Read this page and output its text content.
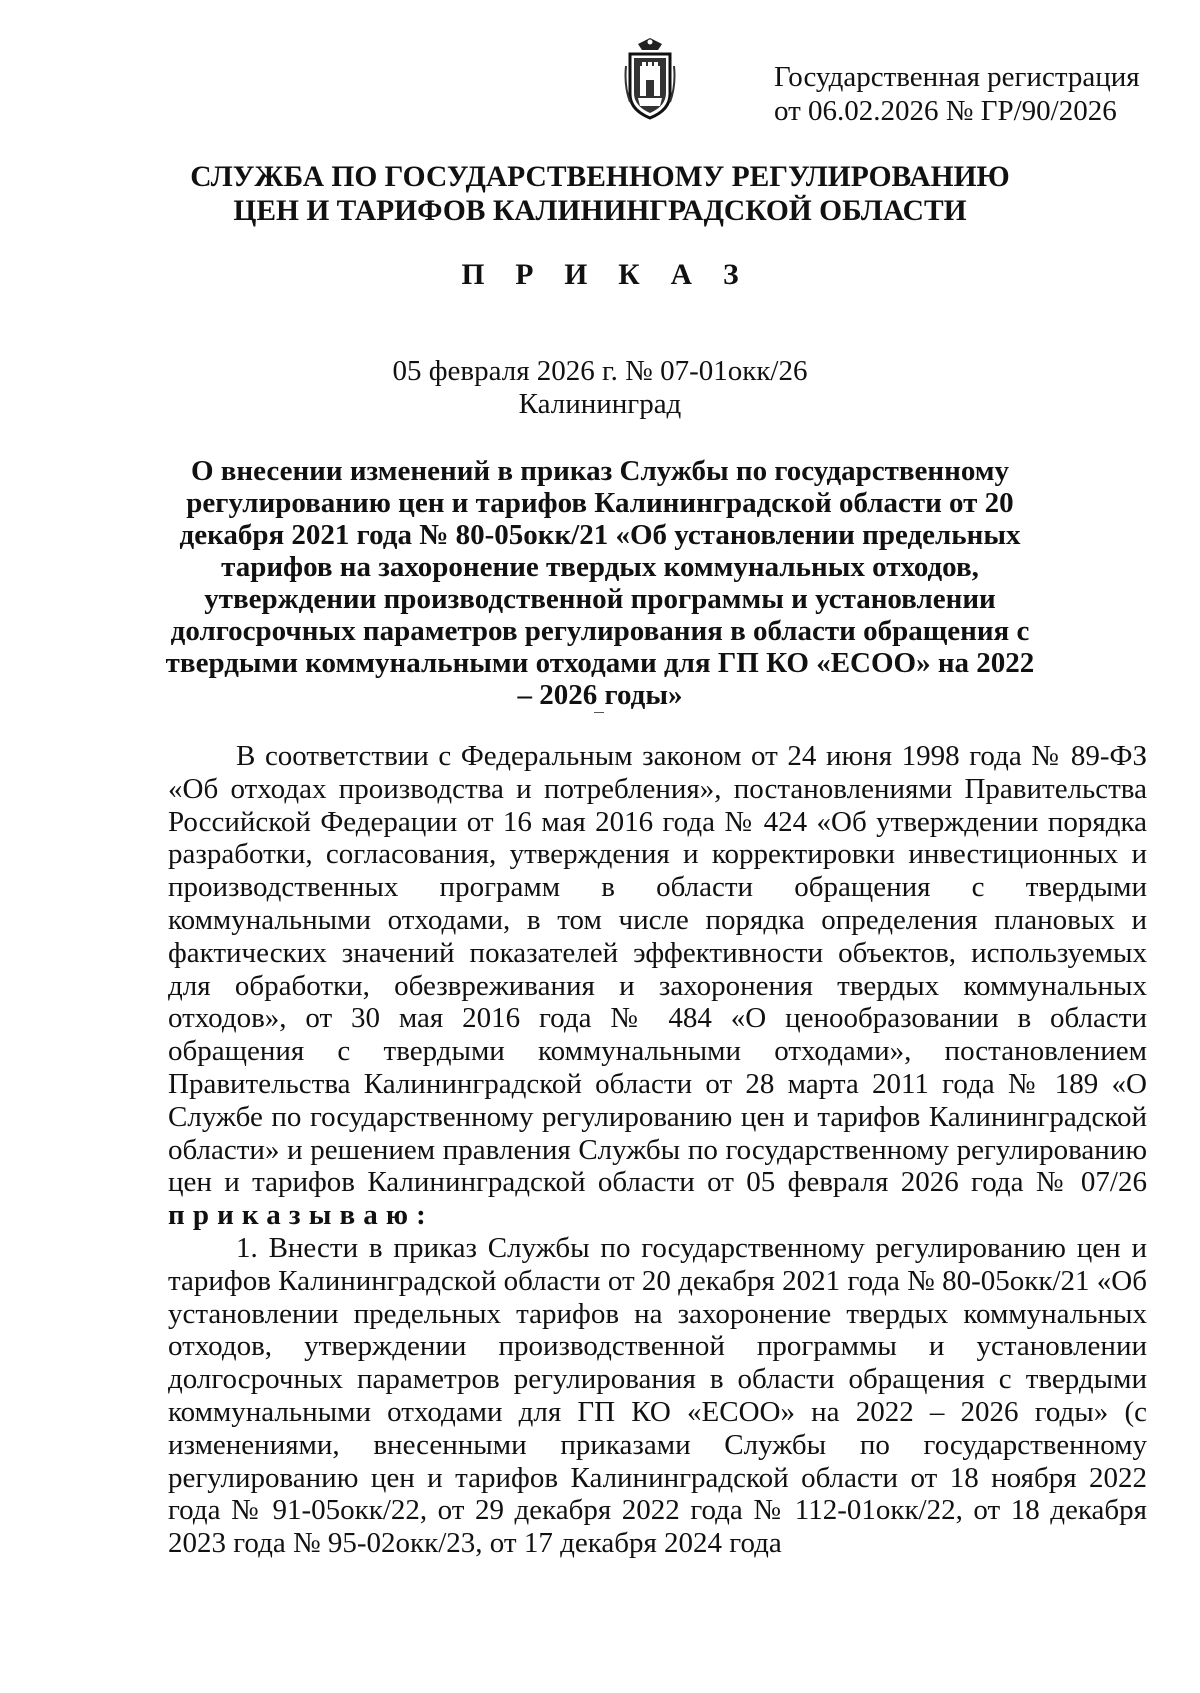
Государственная регистрация
от 06.02.2026 № ГР/90/2026
СЛУЖБА ПО ГОСУДАРСТВЕННОМУ РЕГУЛИРОВАНИЮ
ЦЕН И ТАРИФОВ КАЛИНИНГРАДСКОЙ ОБЛАСТИ
П Р И К А З
05 февраля 2026 г. № 07-01окк/26
Калининград
О внесении изменений в приказ Службы по государственному регулированию цен и тарифов Калининградской области от 20 декабря 2021 года № 80-05окк/21 «Об установлении предельных тарифов на захоронение твердых коммунальных отходов, утверждении производственной программы и установлении долгосрочных параметров регулирования в области обращения с твердыми коммунальными отходами для ГП КО «ЕСОО» на 2022 – 2026 годы»

В соответствии с Федеральным законом от 24 июня 1998 года № 89-ФЗ «Об отходах производства и потребления», постановлениями Правительства Российской Федерации от 16 мая 2016 года № 424 «Об утверждении порядка разработки, согласования, утверждения и корректировки инвестиционных и производственных программ в области обращения с твердыми коммунальными отходами, в том числе порядка определения плановых и фактических значений показателей эффективности объектов, используемых для обработки, обезвреживания и захоронения твердых коммунальных отходов», от 30 мая 2016 года № 484 «О ценообразовании в области обращения с твердыми коммунальными отходами», постановлением Правительства Калининградской области от 28 марта 2011 года № 189 «О Службе по государственному регулированию цен и тарифов Калининградской области» и решением правления Службы по государственному регулированию цен и тарифов Калининградской области от 05 февраля 2026 года № 07/26 приказываю:

1. Внести в приказ Службы по государственному регулированию цен и тарифов Калининградской области от 20 декабря 2021 года № 80-05окк/21 «Об установлении предельных тарифов на захоронение твердых коммунальных отходов, утверждении производственной программы и установлении долгосрочных параметров регулирования в области обращения с твердыми коммунальными отходами для ГП КО «ЕСОО» на 2022 – 2026 годы» (с изменениями, внесенными приказами Службы по государственному регулированию цен и тарифов Калининградской области от 18 ноября 2022 года № 91-05окк/22, от 29 декабря 2022 года № 112-01окк/22, от 18 декабря 2023 года № 95-02окк/23, от 17 декабря 2024 года
